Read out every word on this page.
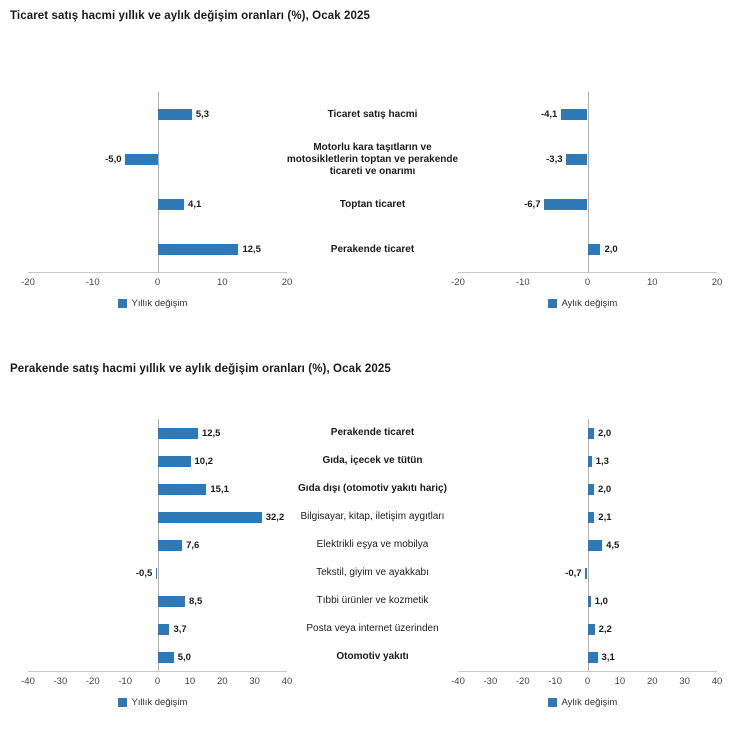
Ticaret satış hacmi yıllık ve aylık değişim oranları (%), Ocak 2025
5,3
-5,0
4,1
12,5
-20	-10	0	10	20
Yıllık değişim
Ticaret satış hacmi
Motorlu kara taşıtların ve motosikletlerin toptan ve perakende ticareti ve onarımı
Toptan ticaret
Perakende ticaret
-4,1
-3,3
-6,7
2,0
-20	-10	0	10	20
Aylık değişim
Perakende satış hacmi yıllık ve aylık değişim oranları (%), Ocak 2025
12,5
10,2
15,1
32,2
7,6
-0,5
8,5
3,7
5,0
-40 -30 -20 -10 0	10 20 30 40
Yıllık değişim
Perakende ticaret
Gıda, içecek ve tütün
Gıda dışı (otomotiv yakıtı hariç)
Bilgisayar, kitap, iletişim aygıtları
Elektrikli eşya ve mobilya
Tekstil, giyim ve ayakkabı
Tıbbi ürünler ve kozmetik
Posta veya internet üzerinden
Otomotiv yakıtı
2,0
1,3
2,0
2,1
4,5
-0,7
1,0
2,2
3,1
-40 -30 -20 -10 0	10 20 30 40
Aylık değişim
